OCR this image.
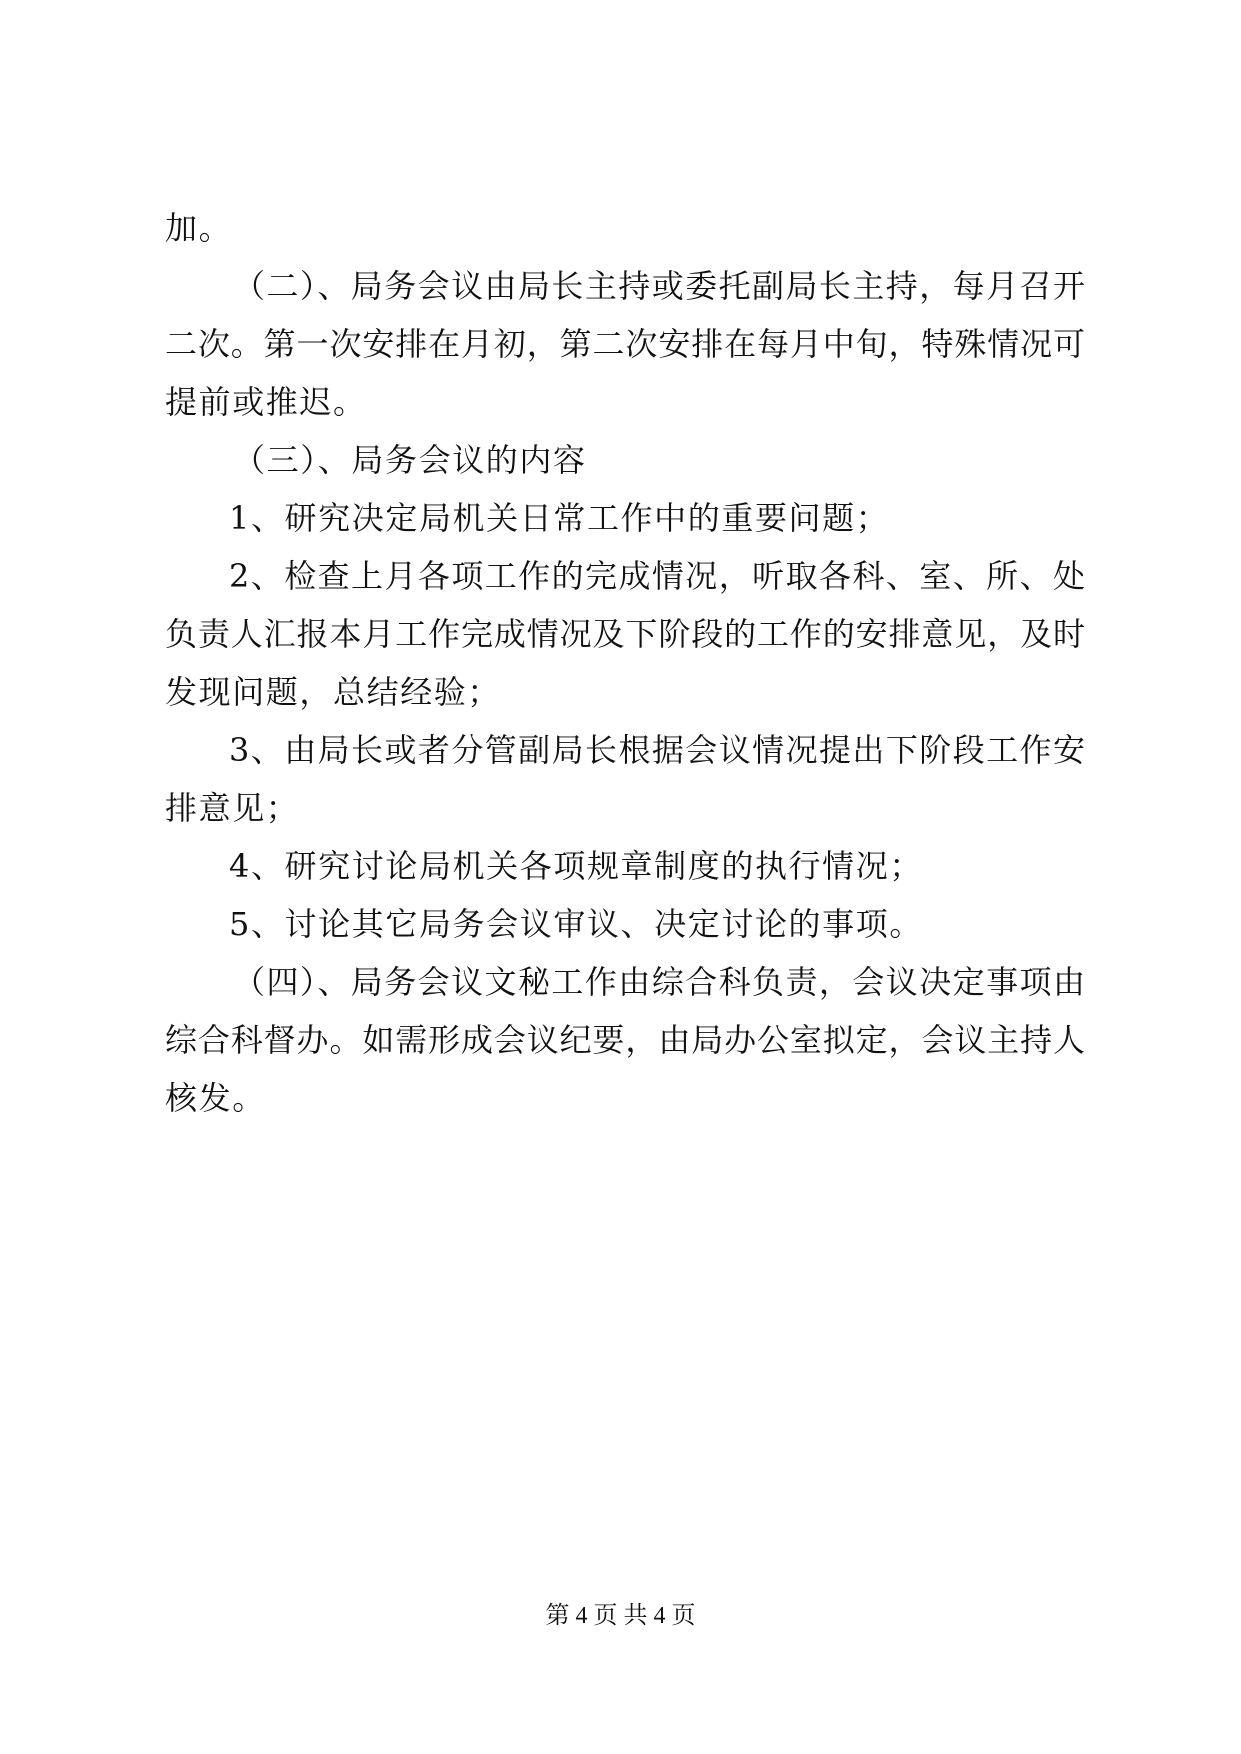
加。
（二）、局务会议由局长主持或委托副局长主持，每月召开
二次。第一次安排在月初，第二次安排在每月中旬，特殊情况可
提前或推迟。
（三）、局务会议的内容
1、研究决定局机关日常工作中的重要问题；
2、检查上月各项工作的完成情况，听取各科、室、所、处
负责人汇报本月工作完成情况及下阶段的工作的安排意见，及时
发现问题，总结经验；
3、由局长或者分管副局长根据会议情况提出下阶段工作安
排意见；
4、研究讨论局机关各项规章制度的执行情况；
5、讨论其它局务会议审议、决定讨论的事项。
（四）、局务会议文秘工作由综合科负责，会议决定事项由
综合科督办。如需形成会议纪要，由局办公室拟定，会议主持人
核发。
第 4 页 共 4 页
